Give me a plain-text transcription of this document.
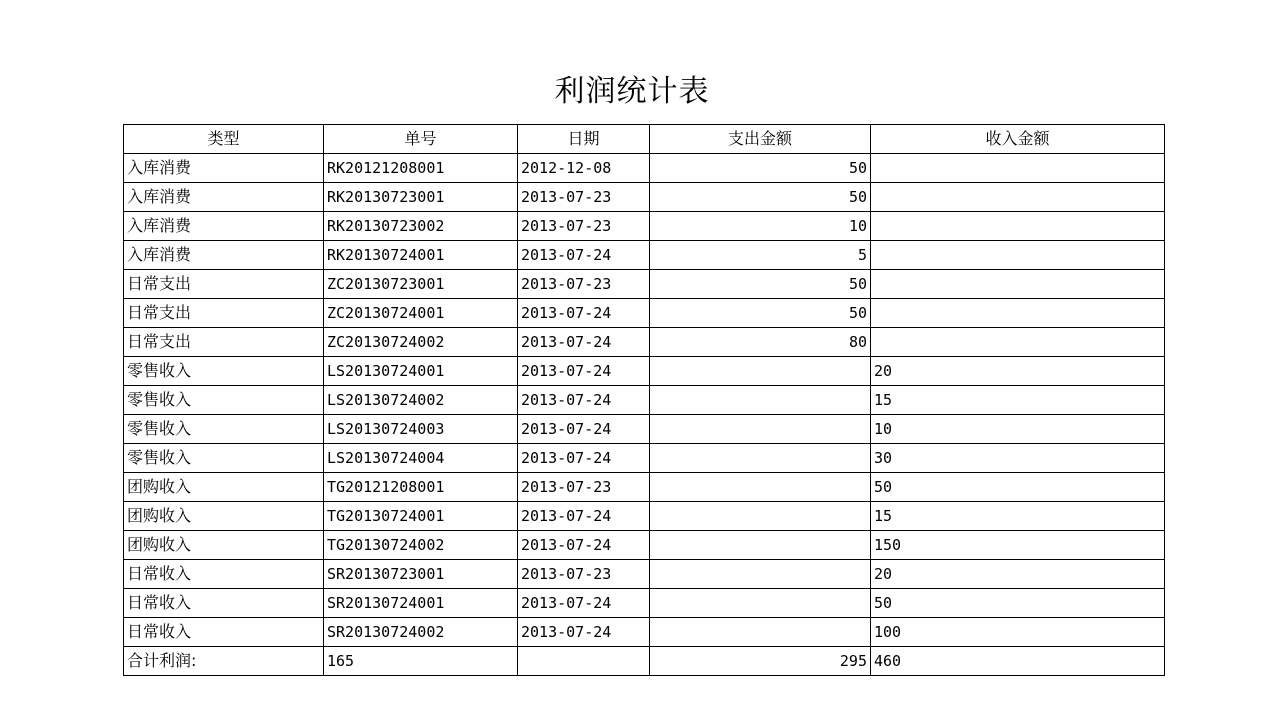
利润统计表
类型	单号	日期	支出金额	收入金额
入库消费	RK20121208001	2012-12-08	50	
入库消费	RK20130723001	2013-07-23	50	
入库消费	RK20130723002	2013-07-23	10	
入库消费	RK20130724001	2013-07-24	5	
日常支出	ZC20130723001	2013-07-23	50	
日常支出	ZC20130724001	2013-07-24	50	
日常支出	ZC20130724002	2013-07-24	80	
零售收入	LS20130724001	2013-07-24		20
零售收入	LS20130724002	2013-07-24		15
零售收入	LS20130724003	2013-07-24		10
零售收入	LS20130724004	2013-07-24		30
团购收入	TG20121208001	2013-07-23		50
团购收入	TG20130724001	2013-07-24		15
团购收入	TG20130724002	2013-07-24		150
日常收入	SR20130723001	2013-07-23		20
日常收入	SR20130724001	2013-07-24		50
日常收入	SR20130724002	2013-07-24		100
合计利润:	165		295	460
